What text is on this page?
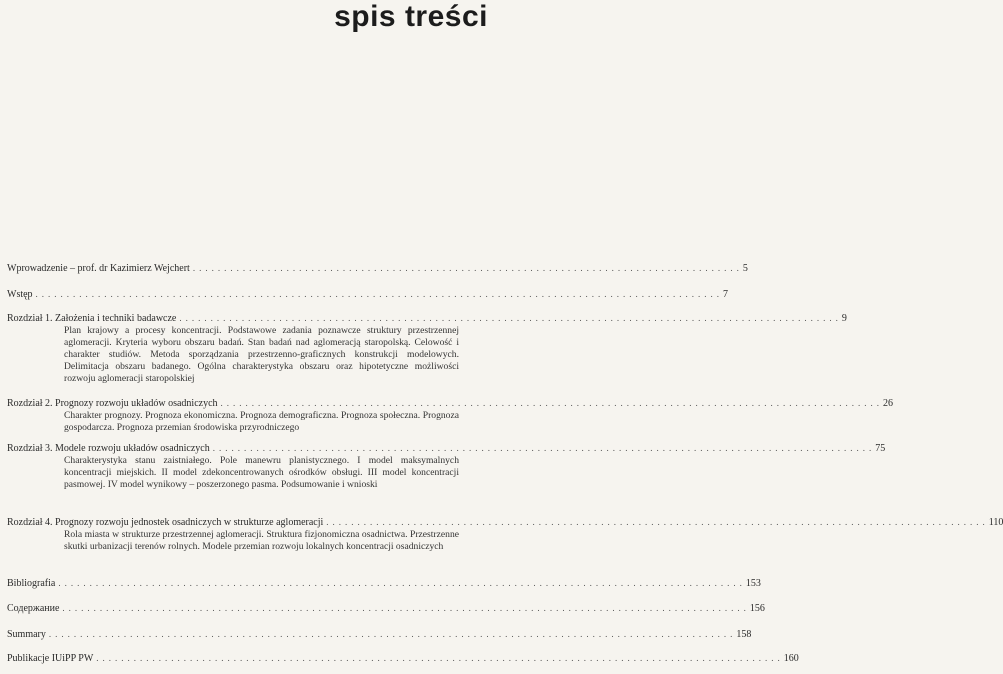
spis treści
Wprowadzenie – prof. dr Kazimierz Wejchert ........................................................................................ 5
Wstęp .............................................................................................................. 7
Rozdział 1. Założenia i techniki badawcze .......................................................................................................... 9
Plan krajowy a procesy koncentracji. Podstawowe zadania poznawcze struktury przestrzennej aglomeracji. Kryteria wyboru obszaru badań. Stan badań nad aglomeracją staropolską. Celowość i charakter studiów. Metoda sporządzania przestrzenno-graficznych konstrukcji modelowych. Delimitacja obszaru badanego. Ogólna charakterystyka obszaru oraz hipotetyczne możliwości rozwoju aglomeracji staropolskiej
Rozdział 2. Prognozy rozwoju układów osadniczych .......................................................................................................... 26
Charakter prognozy. Prognoza ekonomiczna. Prognoza demograficzna. Prognoza społeczna. Prognoza gospodarcza. Prognoza przemian środowiska przyrodniczego
Rozdział 3. Modele rozwoju układów osadniczych .......................................................................................................... 75
Charakterystyka stanu zaistniałego. Pole manewru planistycznego. I model maksymalnych koncentracji miejskich. II model zdekoncentrowanych ośrodków obsługi. III model koncentracji pasmowej. IV model wynikowy – poszerzonego pasma. Podsumowanie i wnioski
Rozdział 4. Prognozy rozwoju jednostek osadniczych w strukturze aglomeracji .......................................................................................................... 110
Rola miasta w strukturze przestrzennej aglomeracji. Struktura fizjonomiczna osadnictwa. Przestrzenne skutki urbanizacji terenów rolnych. Modele przemian rozwoju lokalnych koncentracji osadniczych
Bibliografia .............................................................................................................. 153
Содержание .............................................................................................................. 156
Summary .............................................................................................................. 158
Publikacje IUiPP PW .............................................................................................................. 160
